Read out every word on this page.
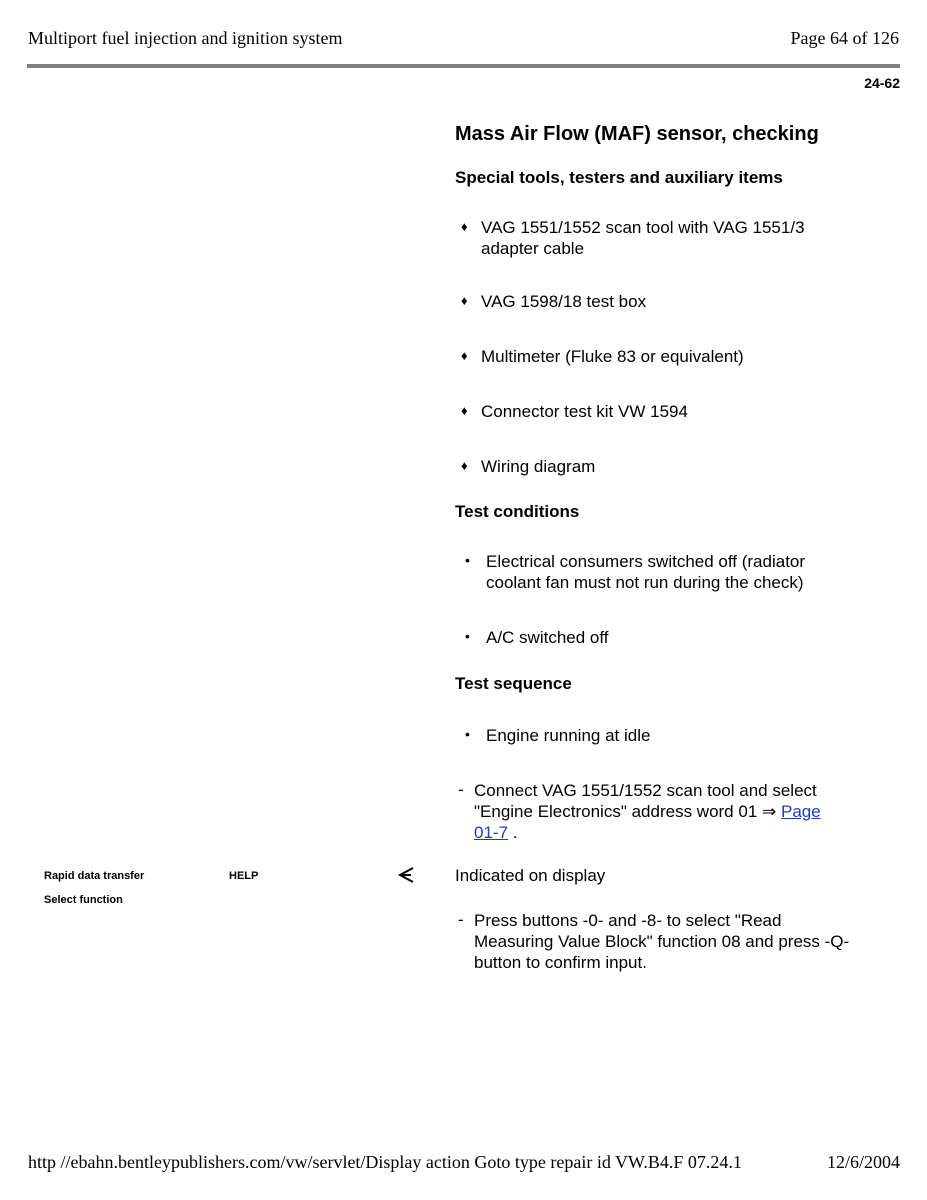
Multiport fuel injection and ignition system	Page 64 of 126
24-62
Mass Air Flow (MAF) sensor, checking
Special tools, testers and auxiliary items
♦ VAG 1551/1552 scan tool with VAG 1551/3
adapter cable
♦ VAG 1598/18 test box
♦ Multimeter (Fluke 83 or equivalent)
♦ Connector test kit VW 1594
♦ Wiring diagram
Test conditions
• Electrical consumers switched off (radiator
coolant fan must not run during the check)
• A/C switched off
Test sequence
• Engine running at idle
- Connect VAG 1551/1552 scan tool and select
"Engine Electronics" address word 01 ⇒ Page
01-7 .
Rapid data transfer	HELP
Select function
Indicated on display
- Press buttons -0- and -8- to select "Read
Measuring Value Block" function 08 and press -Q-
button to confirm input.
http //ebahn.bentleypublishers.com/vw/servlet/Display action Goto type repair id VW.B4.F 07.24.1	12/6/2004
